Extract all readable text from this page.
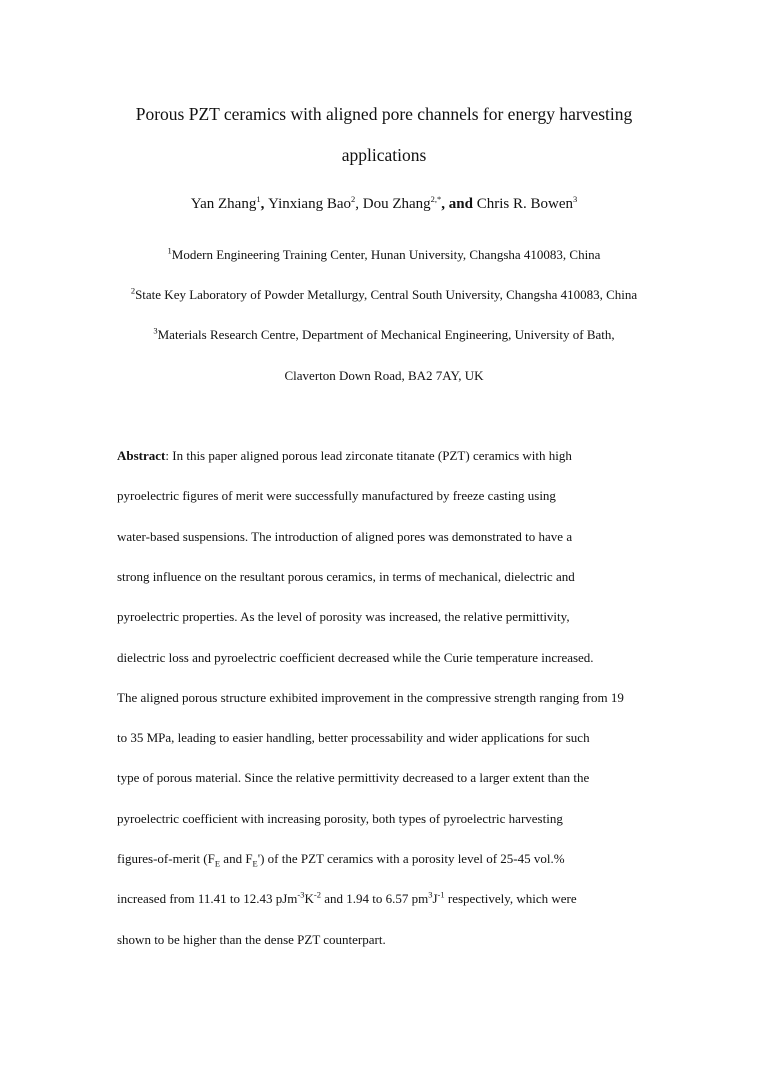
Porous PZT ceramics with aligned pore channels for energy harvesting
applications
Yan Zhang$^1$, Yinxiang Bao$^2$, Dou Zhang$^{2,*}$, and Chris R. Bowen$^3$
$^1$Modern Engineering Training Center, Hunan University, Changsha 410083, China
$^2$State Key Laboratory of Powder Metallurgy, Central South University, Changsha 410083, China
$^3$Materials Research Centre, Department of Mechanical Engineering, University of Bath,
Claverton Down Road, BA2 7AY, UK
Abstract: In this paper aligned porous lead zirconate titanate (PZT) ceramics with high
pyroelectric figures of merit were successfully manufactured by freeze casting using
water-based suspensions. The introduction of aligned pores was demonstrated to have a
strong influence on the resultant porous ceramics, in terms of mechanical, dielectric and
pyroelectric properties. As the level of porosity was increased, the relative permittivity,
dielectric loss and pyroelectric coefficient decreased while the Curie temperature increased.
The aligned porous structure exhibited improvement in the compressive strength ranging from 19
to 35 MPa, leading to easier handling, better processability and wider applications for such
type of porous material. Since the relative permittivity decreased to a larger extent than the
pyroelectric coefficient with increasing porosity, both types of pyroelectric harvesting
figures-of-merit ($F_E$ and $F_E'$) of the PZT ceramics with a porosity level of 25-45 vol.%
increased from 11.41 to 12.43 $pJm^{-3}K^{-2}$ and 1.94 to 6.57 $pm^3J^{-1}$ respectively, which were
shown to be higher than the dense PZT counterpart.
